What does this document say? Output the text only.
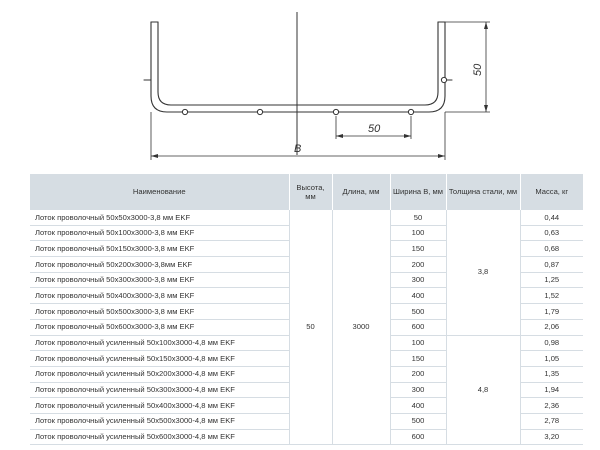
50
B
50
Наименование	Высота, мм	Длина, мм	Ширина B, мм	Толщина стали, мм	Масса, кг
Лоток проволочный 50x50x3000-3,8 мм EKF	50	3000	50	3,8	0,44
Лоток проволочный 50x100x3000-3,8 мм EKF			100		0,63
Лоток проволочный 50x150x3000-3,8 мм EKF			150		0,68
Лоток проволочный 50x200x3000-3,8мм EKF			200		0,87
Лоток проволочный 50x300x3000-3,8 мм EKF			300		1,25
Лоток проволочный 50x400x3000-3,8 мм EKF			400		1,52
Лоток проволочный 50x500x3000-3,8 мм EKF			500		1,79
Лоток проволочный 50x600x3000-3,8 мм EKF			600		2,06
Лоток проволочный усиленный 50x100x3000-4,8 мм EKF			100	4,8	0,98
Лоток проволочный усиленный 50x150x3000-4,8 мм EKF			150		1,05
Лоток проволочный усиленный 50x200x3000-4,8 мм EKF			200		1,35
Лоток проволочный усиленный 50x300x3000-4,8 мм EKF			300		1,94
Лоток проволочный усиленный 50x400x3000-4,8 мм EKF			400		2,36
Лоток проволочный усиленный 50x500x3000-4,8 мм EKF			500		2,78
Лоток проволочный усиленный 50x600x3000-4,8 мм EKF			600		3,20
